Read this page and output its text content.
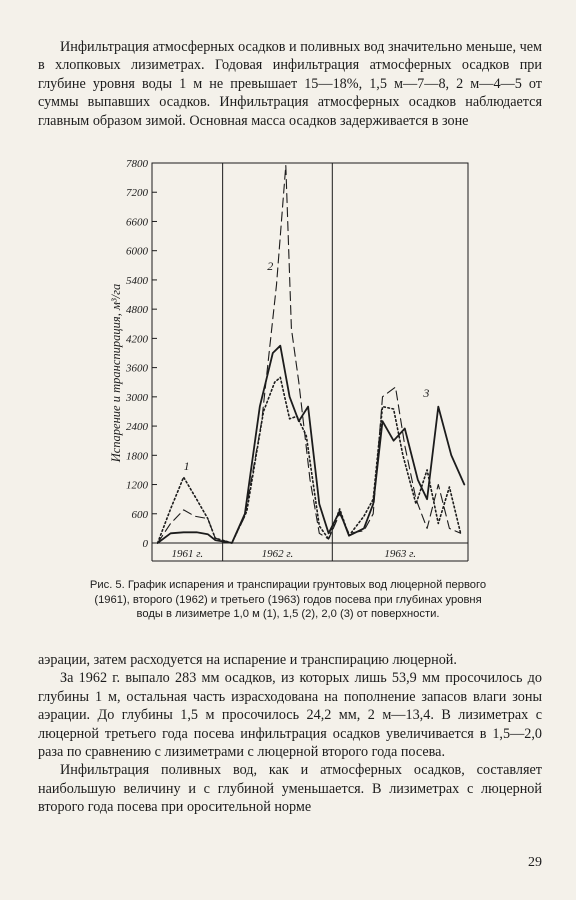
Инфильтрация атмосферных осадков и поливных вод значительно меньше, чем в хлопковых лизиметрах. Годовая инфильтрация атмосферных осадков при глубине уровня воды 1 м не превышает 15—18%, 1,5 м—7—8, 2 м—4—5 от суммы выпавших осадков. Инфильтрация атмосферных осадков наблюдается главным образом зимой. Основная масса осадков задерживается в зоне

0
600
1200
1800
2400
3000
3600
4200
4800
5400
6000
6600
7200
7800
Испарение и транспирация, м³/га
1961 г.	1962 г.	1963 г.
1
2
3

Рис. 5. График испарения и транспирации грунтовых вод люцерной первого (1961), второго (1962) и третьего (1963) годов посева при глубинах уровня воды в лизиметре 1,0 м (1), 1,5 (2), 2,0 (3) от поверхности.

аэрации, затем расходуется на испарение и транспирацию люцерной.
За 1962 г. выпало 283 мм осадков, из которых лишь 53,9 мм просочилось до глубины 1 м, остальная часть израсходована на пополнение запасов влаги зоны аэрации. До глубины 1,5 м просочилось 24,2 мм, 2 м—13,4. В лизиметрах с люцерной третьего года посева инфильтрация осадков увеличивается в 1,5—2,0 раза по сравнению с лизиметрами с люцерной второго года посева.
Инфильтрация поливных вод, как и атмосферных осадков, составляет наибольшую величину и с глубиной уменьшается. В лизиметрах с люцерной второго года посева при оросительной норме
29
